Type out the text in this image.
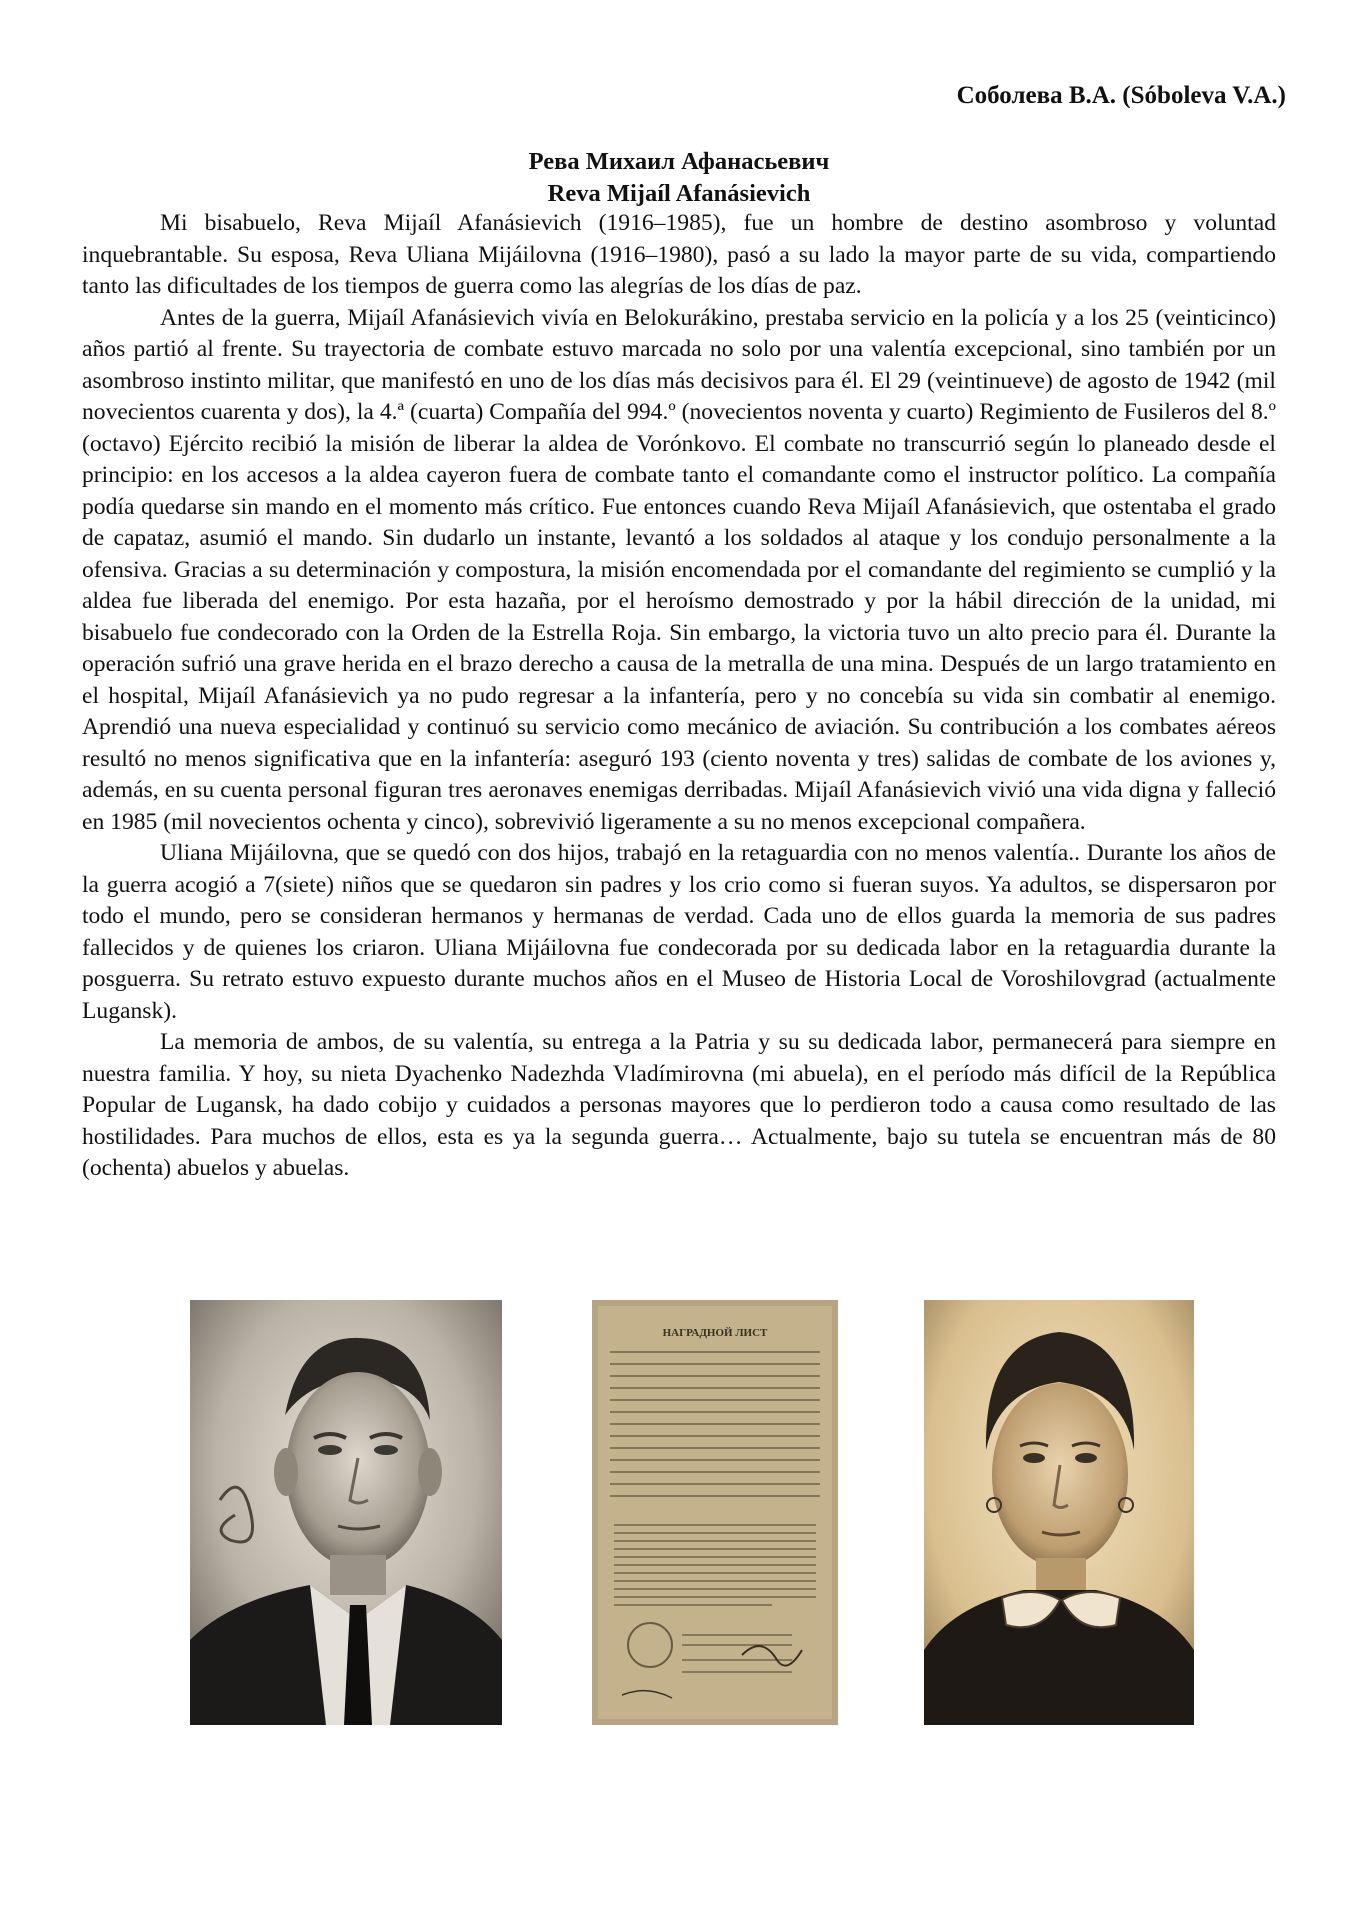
Соболева В.А. (Sóboleva V.A.)
Рева Михаил Афанасьевич
Reva Mijaíl Afanásievich

Mi bisabuelo, Reva Mijaíl Afanásievich (1916–1985), fue un hombre de destino asombroso y voluntad inquebrantable. Su esposa, Reva Uliana Mijáilovna (1916–1980), pasó a su lado la mayor parte de su vida, compartiendo tanto las dificultades de los tiempos de guerra como las alegrías de los días de paz.

Antes de la guerra, Mijaíl Afanásievich vivía en Belokurákino, prestaba servicio en la policía y a los 25 (veinticinco) años partió al frente. Su trayectoria de combate estuvo marcada no solo por una valentía excepcional, sino también por un asombroso instinto militar, que manifestó en uno de los días más decisivos para él. El 29 (veintinueve) de agosto de 1942 (mil novecientos cuarenta y dos), la 4.ª (cuarta) Compañía del 994.º (novecientos noventa y cuarto) Regimiento de Fusileros del 8.º (octavo) Ejército recibió la misión de liberar la aldea de Vorónkovo. El combate no transcurrió según lo planeado desde el principio: en los accesos a la aldea cayeron fuera de combate tanto el comandante como el instructor político. La compañía podía quedarse sin mando en el momento más crítico. Fue entonces cuando Reva Mijaíl Afanásievich, que ostentaba el grado de capataz, asumió el mando. Sin dudarlo un instante, levantó a los soldados al ataque y los condujo personalmente a la ofensiva. Gracias a su determinación y compostura, la misión encomendada por el comandante del regimiento se cumplió y la aldea fue liberada del enemigo. Por esta hazaña, por el heroísmo demostrado y por la hábil dirección de la unidad, mi bisabuelo fue condecorado con la Orden de la Estrella Roja. Sin embargo, la victoria tuvo un alto precio para él. Durante la operación sufrió una grave herida en el brazo derecho a causa de la metralla de una mina. Después de un largo tratamiento en el hospital, Mijaíl Afanásievich ya no pudo regresar a la infantería, pero y no concebía su vida sin combatir al enemigo. Aprendió una nueva especialidad y continuó su servicio como mecánico de aviación. Su contribución a los combates aéreos resultó no menos significativa que en la infantería: aseguró 193 (ciento noventa y tres) salidas de combate de los aviones y, además, en su cuenta personal figuran tres aeronaves enemigas derribadas. Mijaíl Afanásievich vivió una vida digna y falleció en 1985 (mil novecientos ochenta y cinco), sobrevivió ligeramente a su no menos excepcional compañera.

Uliana Mijáilovna, que se quedó con dos hijos, trabajó en la retaguardia con no menos valentía.. Durante los años de la guerra acogió a 7(siete) niños que se quedaron sin padres y los crio como si fueran suyos. Ya adultos, se dispersaron por todo el mundo, pero se consideran hermanos y hermanas de verdad. Cada uno de ellos guarda la memoria de sus padres fallecidos y de quienes los criaron. Uliana Mijáilovna fue condecorada por su dedicada labor en la retaguardia durante la posguerra. Su retrato estuvo expuesto durante muchos años en el Museo de Historia Local de Voroshilovgrad (actualmente Lugansk).

La memoria de ambos, de su valentía, su entrega a la Patria y su su dedicada labor, permanecerá para siempre en nuestra familia. Y hoy, su nieta Dyachenko Nadezhda Vladímirovna (mi abuela), en el período más difícil de la República Popular de Lugansk, ha dado cobijo y cuidados a personas mayores que lo perdieron todo a causa como resultado de las hostilidades. Para muchos de ellos, esta es ya la segunda guerra… Actualmente, bajo su tutela se encuentran más de 80 (ochenta) abuelos y abuelas.

НАГРАДНОЙ ЛИСТ
